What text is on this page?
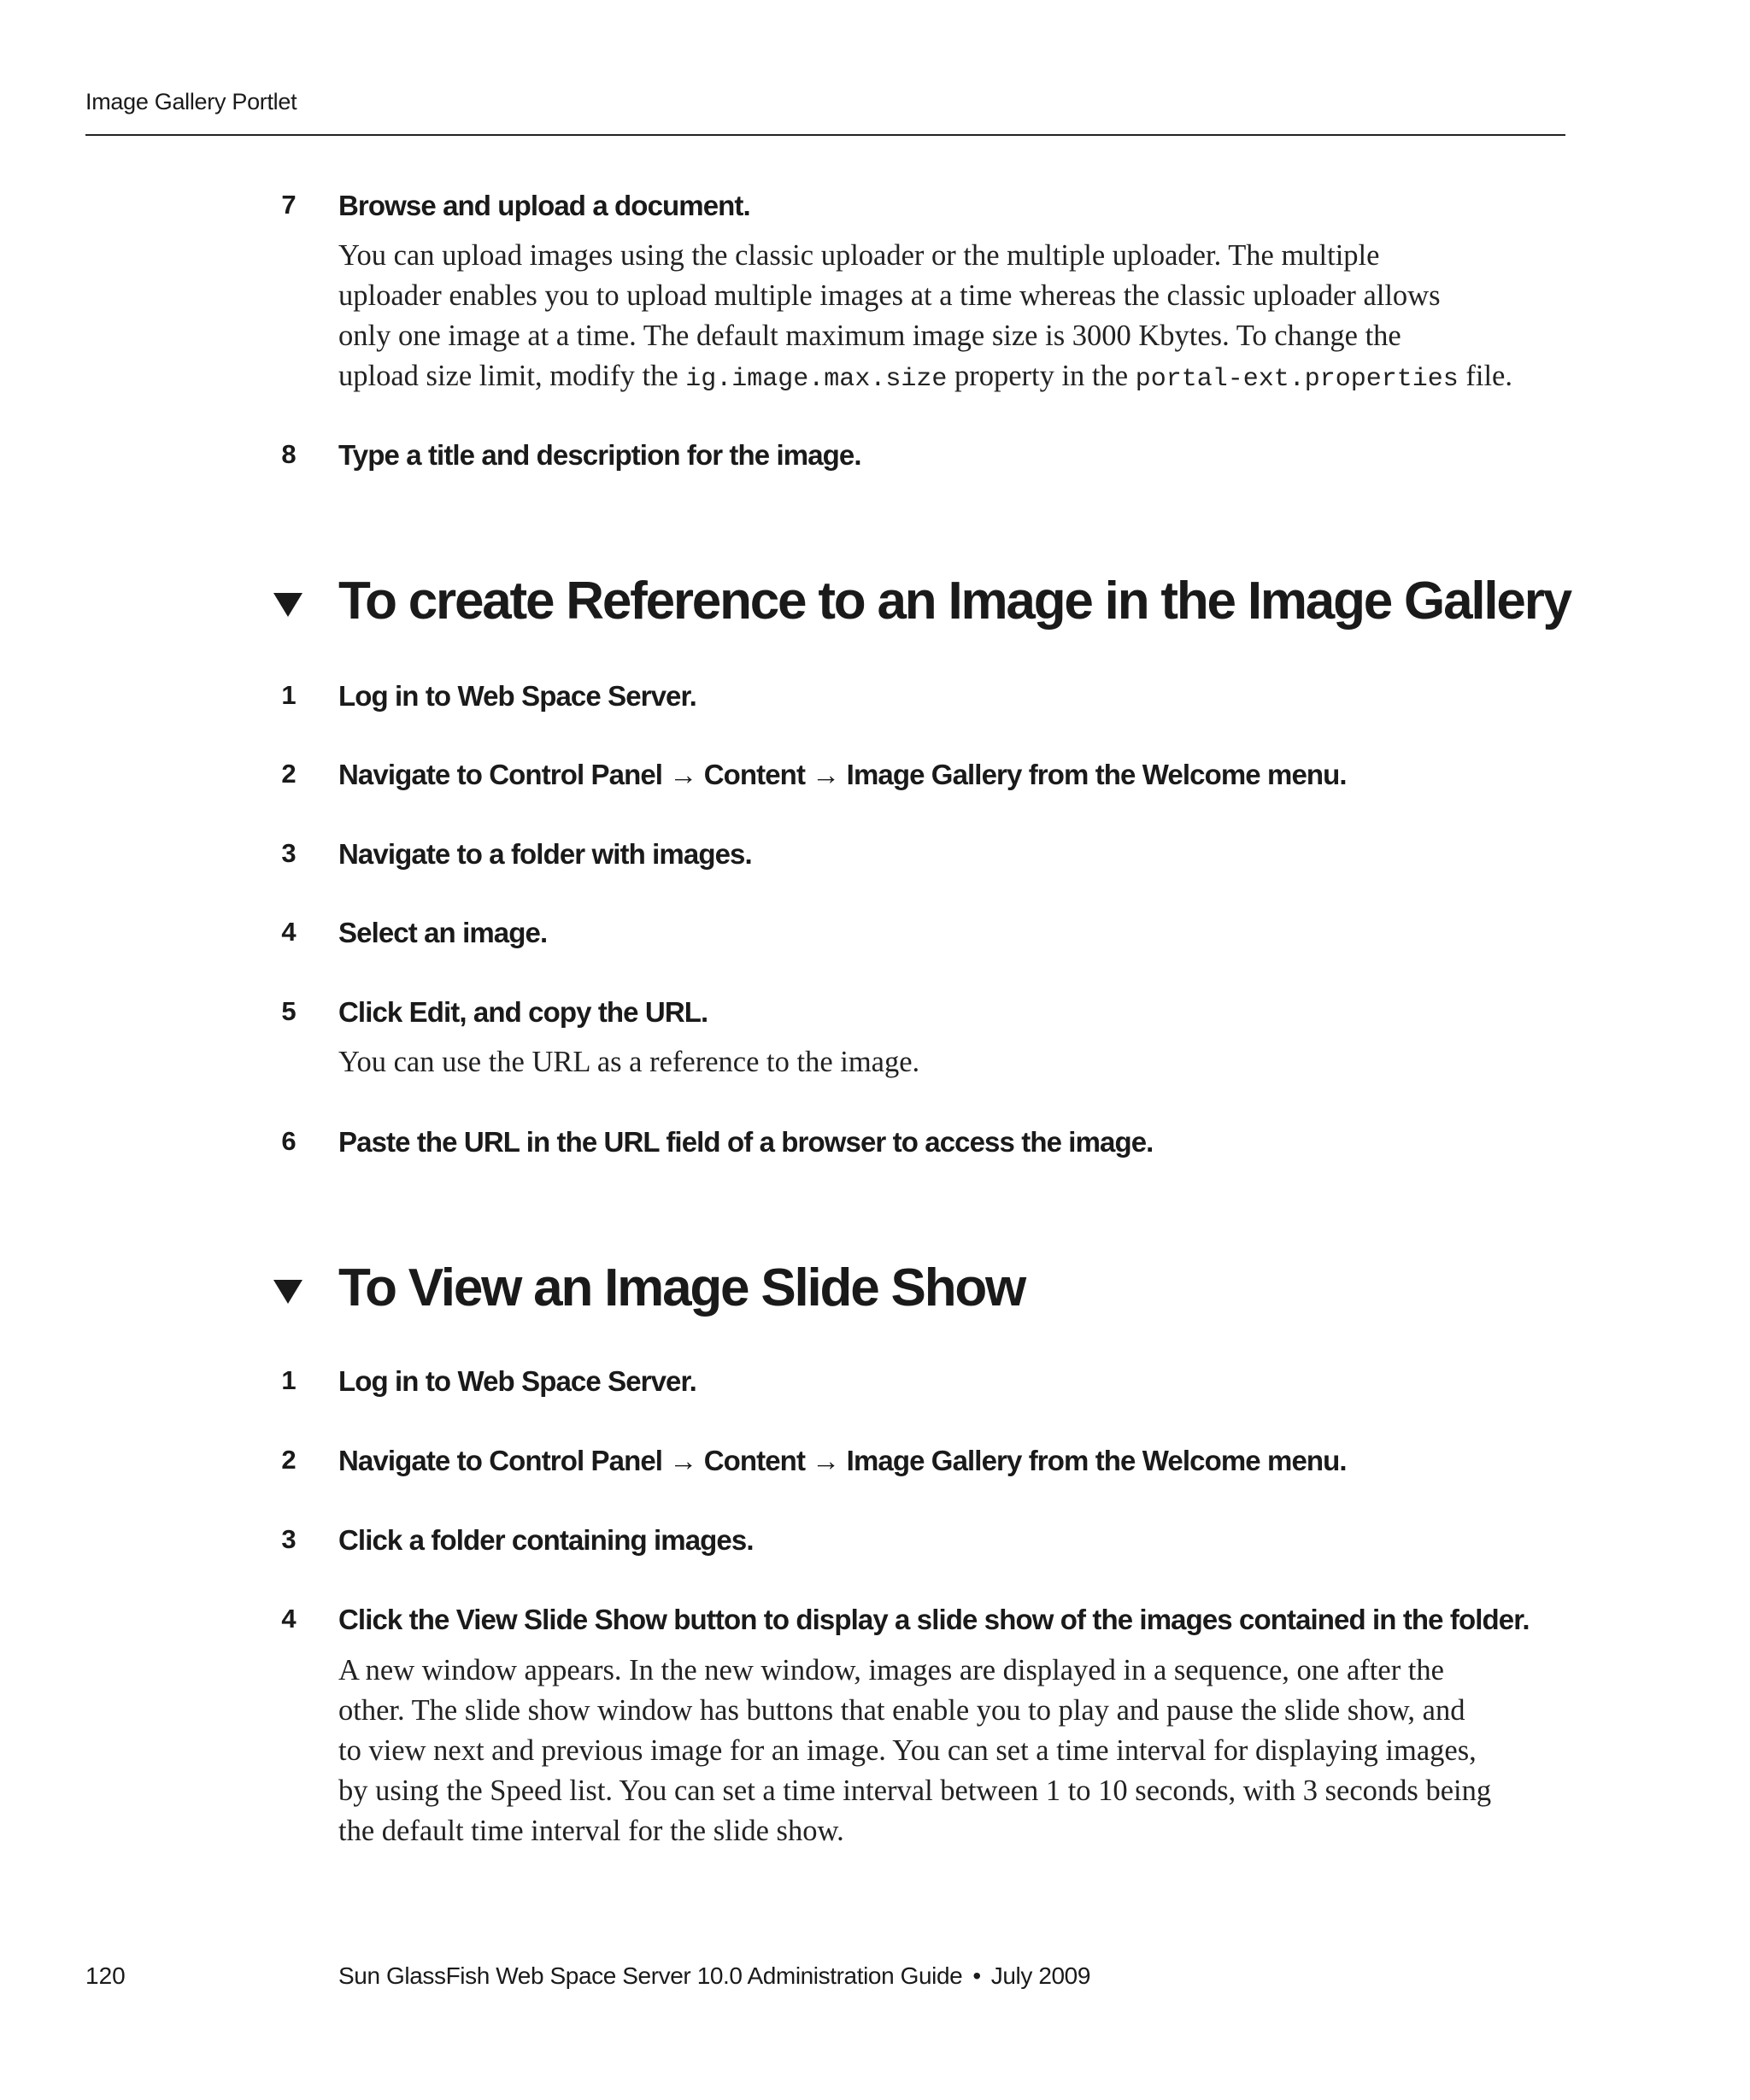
Image Gallery Portlet
7 Browse and upload a document.
You can upload images using the classic uploader or the multiple uploader. The multiple
uploader enables you to upload multiple images at a time whereas the classic uploader allows
only one image at a time. The default maximum image size is 3000 Kbytes. To change the
upload size limit, modify the ig.image.max.size property in the portal-ext.properties file.
8 Type a title and description for the image.
To create Reference to an Image in the Image Gallery
1 Log in to Web Space Server.
2 Navigate to Control Panel → Content → Image Gallery from the Welcome menu.
3 Navigate to a folder with images.
4 Select an image.
5 Click Edit, and copy the URL.
You can use the URL as a reference to the image.
6 Paste the URL in the URL field of a browser to access the image.
To View an Image Slide Show
1 Log in to Web Space Server.
2 Navigate to Control Panel → Content → Image Gallery from the Welcome menu.
3 Click a folder containing images.
4 Click the View Slide Show button to display a slide show of the images contained in the folder.
A new window appears. In the new window, images are displayed in a sequence, one after the
other. The slide show window has buttons that enable you to play and pause the slide show, and
to view next and previous image for an image. You can set a time interval for displaying images,
by using the Speed list. You can set a time interval between 1 to 10 seconds, with 3 seconds being
the default time interval for the slide show.
120	Sun GlassFish Web Space Server 10.0 Administration Guide • July 2009
